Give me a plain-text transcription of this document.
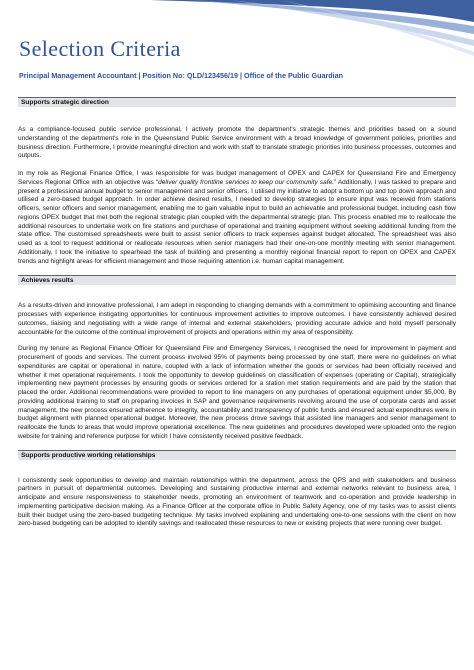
Selection Criteria
Principal Management Accountant | Position No: QLD/123456/19 | Office of the Public Guardian
Supports strategic direction

As a compliance-focused public service professional, I actively promote the department's strategic themes and priorities based on a sound understanding of the department's role in the Queensland Public Service environment with a broad knowledge of government policies, priorities and business direction. Furthermore, I provide meaningful direction and work with staff to translate strategic priorities into business processes, outcomes and outputs.

In my role as Regional Finance Office, I was responsible for was budget management of OPEX and CAPEX for Queensland Fire and Emergency Services Regional Office with an objective was “deliver quality frontline services to keep our community safe.” Additionally, I was tasked to prepare and present a professional annual budget to senior management and senior officers. I utilised my initiative to adopt a bottom up and top down approach and utilised a zero-based budget approach. In order achieve desired results, I needed to develop strategies to ensure input was received from stations officers, senior officers and senior management, enabling me to gain valuable input to build an achievable and professional budget, including cash flow regions OPEX budget that met both the regional strategic plan coupled with the departmental strategic plan. This process enabled me to reallocate the additional resources to undertake work on fire stations and purchase of operational and training equipment without seeking additional funding from the state office. The customised spreadsheets were built to assist senior officers to track expenses against budget allocated. The spreadsheet was also used as a tool to request additional or reallocate resources when senior managers had their one-on-one monthly meeting with senior management. Additionally, I took the initiative to spearhead the task of building and presenting a monthly regional financial report to report on OPEX and CAPEX trends and highlight areas for efficient management and those requiring attention i.e. human capital management.

Achieves results

As a results-driven and innovative professional, I am adept in responding to changing demands with a commitment to optimising accounting and finance processes with experience instigating opportunities for continuous improvement activities to improve outcomes. I have consistently achieved desired outcomes, liaising and negotiating with a wide range of internal and external stakeholders, providing accurate advice and hold myself personally accountable for the outcome of the continual improvement of projects and operations within my area of responsibility.

During my tenure as Regional Finance Officer for Queensland Fire and Emergency Services, I recognised the need for improvement in payment and procurement of goods and services. The current process involved 95% of payments being processed by one staff, there were no guidelines on what expenditures are capital or operational in nature, coupled with a lack of information whether the goods or services had been officially received and whether it met operational requirements. I took the opportunity to develop guidelines on classification of expenses (operating or Capital), strategically implementing new payment processes by ensuring goods or services ordered for a station met station requirements and are paid by the station that placed the order. Additional recommendations were provided to report to line managers on any purchases of operational equipment under $5,000. By providing additional training to staff on preparing invoices in SAP and governance requirements revolving around the use of corporate cards and asset management, the new process ensured adherence to integrity, accountability and transparency of public funds and ensured actual expenditures were in budget alignment with planned operational budget. Moreover, the new process drove savings that assisted line managers and senior management to reallocate the funds to areas that would improve operational excellence. The new guidelines and procedures developed were uploaded onto the region website for training and reference purpose for which I have consistently received positive feedback.

Supports productive working relationships

I consistently seek opportunities to develop and maintain relationships within the department, across the QPS and with stakeholders and business partners in pursuit of departmental outcomes. Developing and sustaining productive internal and external networks relevant to business area, I anticipate and ensure responsiveness to stakeholder needs, promoting an environment of teamwork and co-operation and provide leadership in implementing participative decision making. As a Finance Officer at the corporate office in Public Safety Agency, one of my tasks was to assist clients built their budget using the zero-based budgeting technique. My tasks involved explaining and undertaking one-to-one sessions with the client on how zero-based budgeting can be adopted to identify savings and reallocated these resources to new or existing projects that were running over budget.
